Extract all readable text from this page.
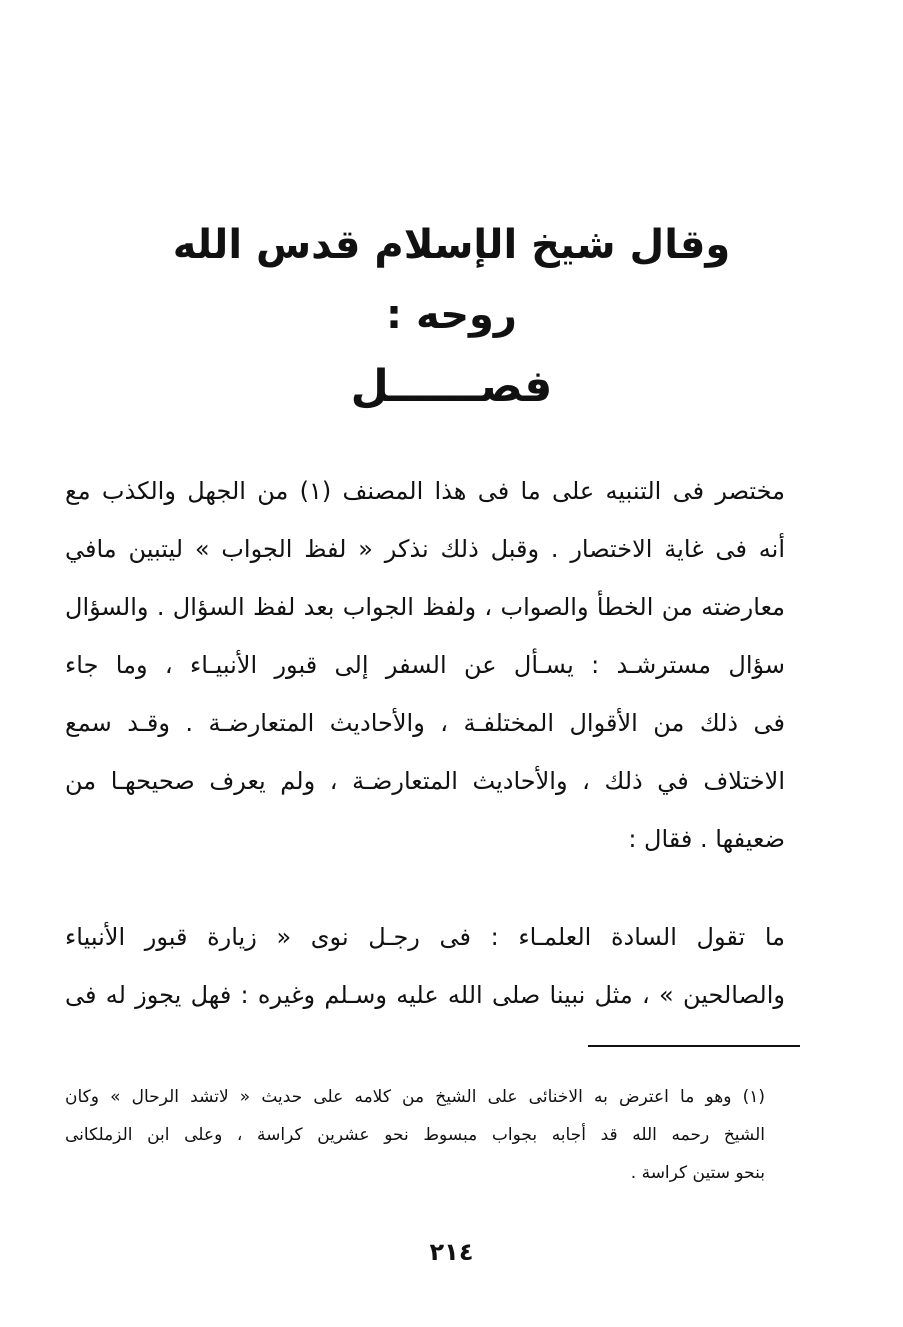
وقال شيخ الإسلام قدس الله روحه :
فصــــــل
مختصر فى التنبيه على ما فى هذا المصنف (١) من الجهل والكذب مع
أنه فى غاية الاختصار . وقبل ذلك نذكر « لفظ الجواب » ليتبين مافي
معارضته من الخطأ والصواب ، ولفظ الجواب بعد لفظ السؤال . والسؤال
سؤال مسترشـد : يسـأل عن السفر إلى قبور الأنبيـاء ، وما جاء
فى ذلك من الأقوال المختلفـة ، والأحاديث المتعارضـة . وقـد سمع
الاختلاف في ذلك ، والأحاديث المتعارضـة ، ولم يعرف صحيحهـا من
ضعيفها . فقال :
ما تقول السادة العلمـاء : فى رجـل نوى « زيارة قبور الأنبياء
والصالحين » ، مثل نبينا صلى الله عليه وسـلم وغيره : فهل يجوز له فى
(١) وهو ما اعترض به الاخنائى على الشيخ من كلامه على حديث « لاتشد الرحال » وكان
الشيخ رحمه الله قد أجابه بجواب مبسوط نحو عشرين كراسة ، وعلى ابن الزملكانى
بنحو ستين كراسة .
٢١٤
